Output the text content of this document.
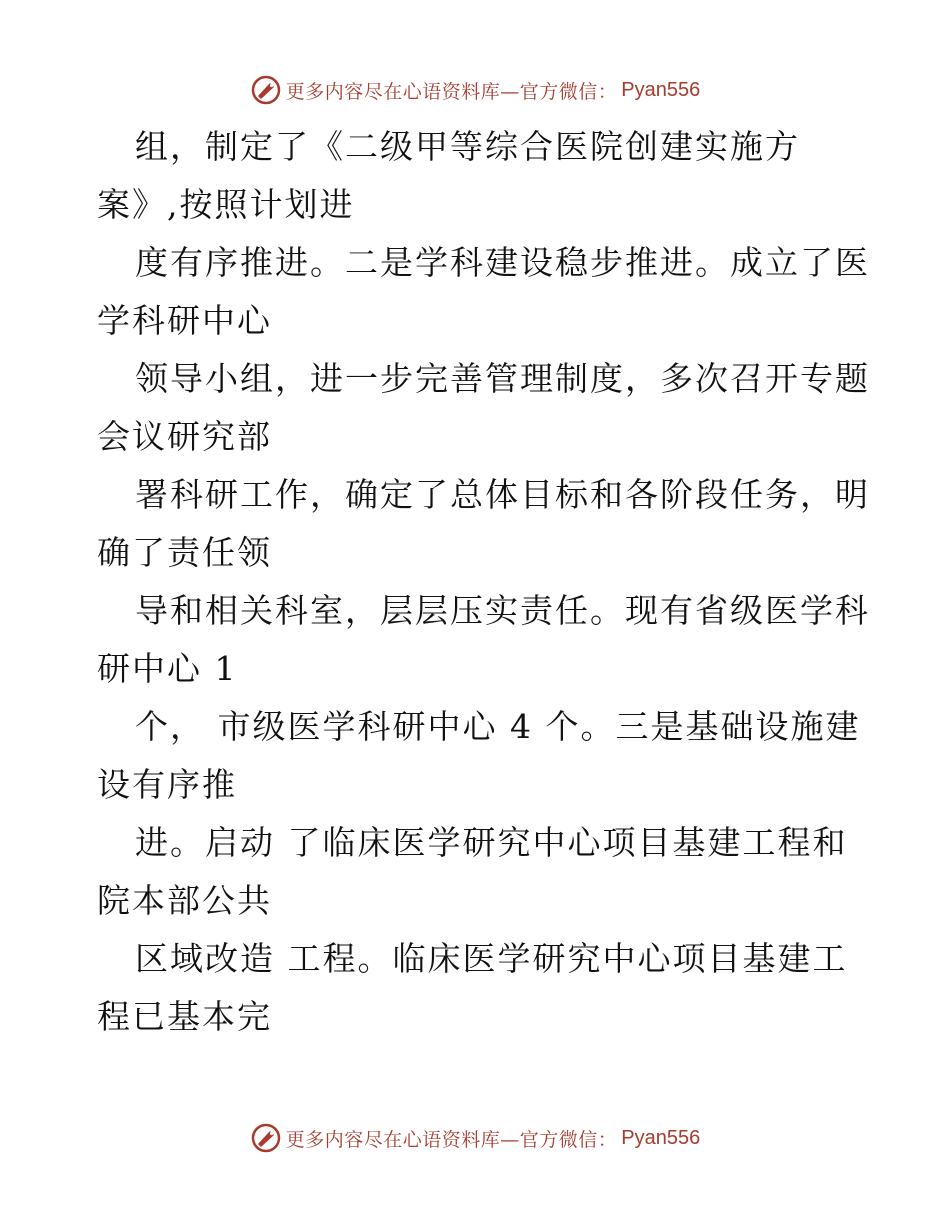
更多内容尽在心语资料库—官方微信： Pyan556
组，制定了《二级甲等综合医院创建实施方
案》,按照计划进
度有序推进。二是学科建设稳步推进。成立了医
学科研中心
领导小组，进一步完善管理制度，多次召开专题
会议研究部
署科研工作，确定了总体目标和各阶段任务，明
确了责任领
导和相关科室，层层压实责任。现有省级医学科
研中心 1
个， 市级医学科研中心 4 个。三是基础设施建
设有序推
进。启动 了临床医学研究中心项目基建工程和
院本部公共
区域改造 工程。临床医学研究中心项目基建工
程已基本完
更多内容尽在心语资料库—官方微信： Pyan556
